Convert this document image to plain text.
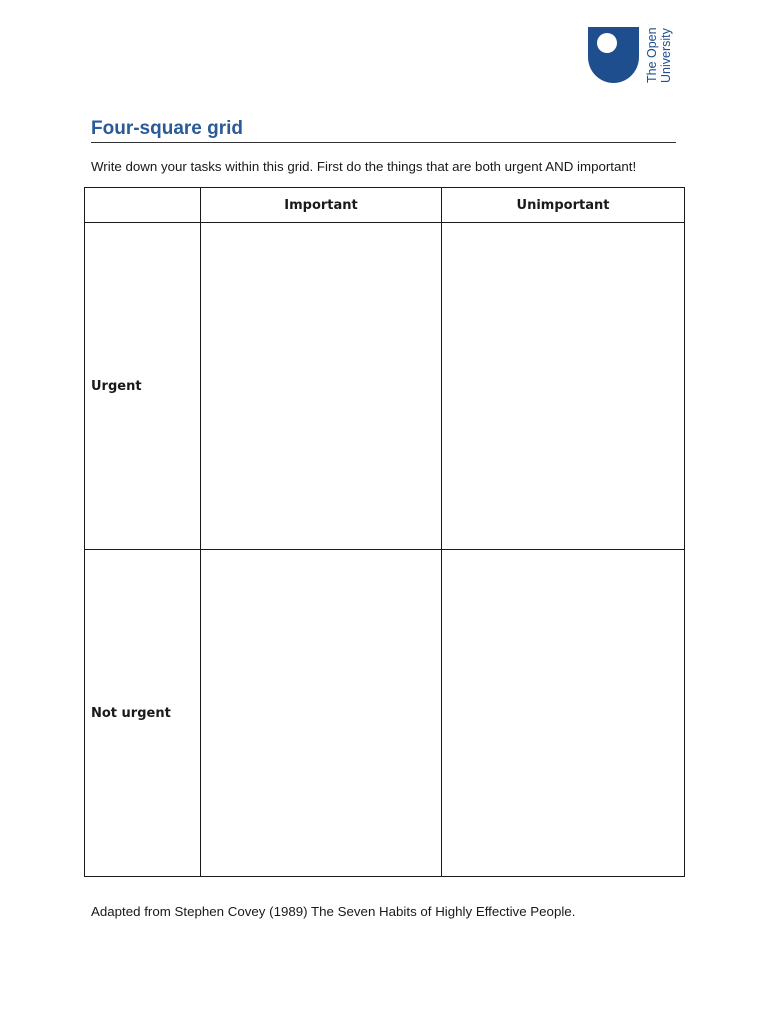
The Open
University
Four-square grid

Write down your tasks within this grid. First do the things that are both urgent AND important!

	Important	Unimportant
Urgent		
Not urgent		

Adapted from Stephen Covey (1989) The Seven Habits of Highly Effective People.
